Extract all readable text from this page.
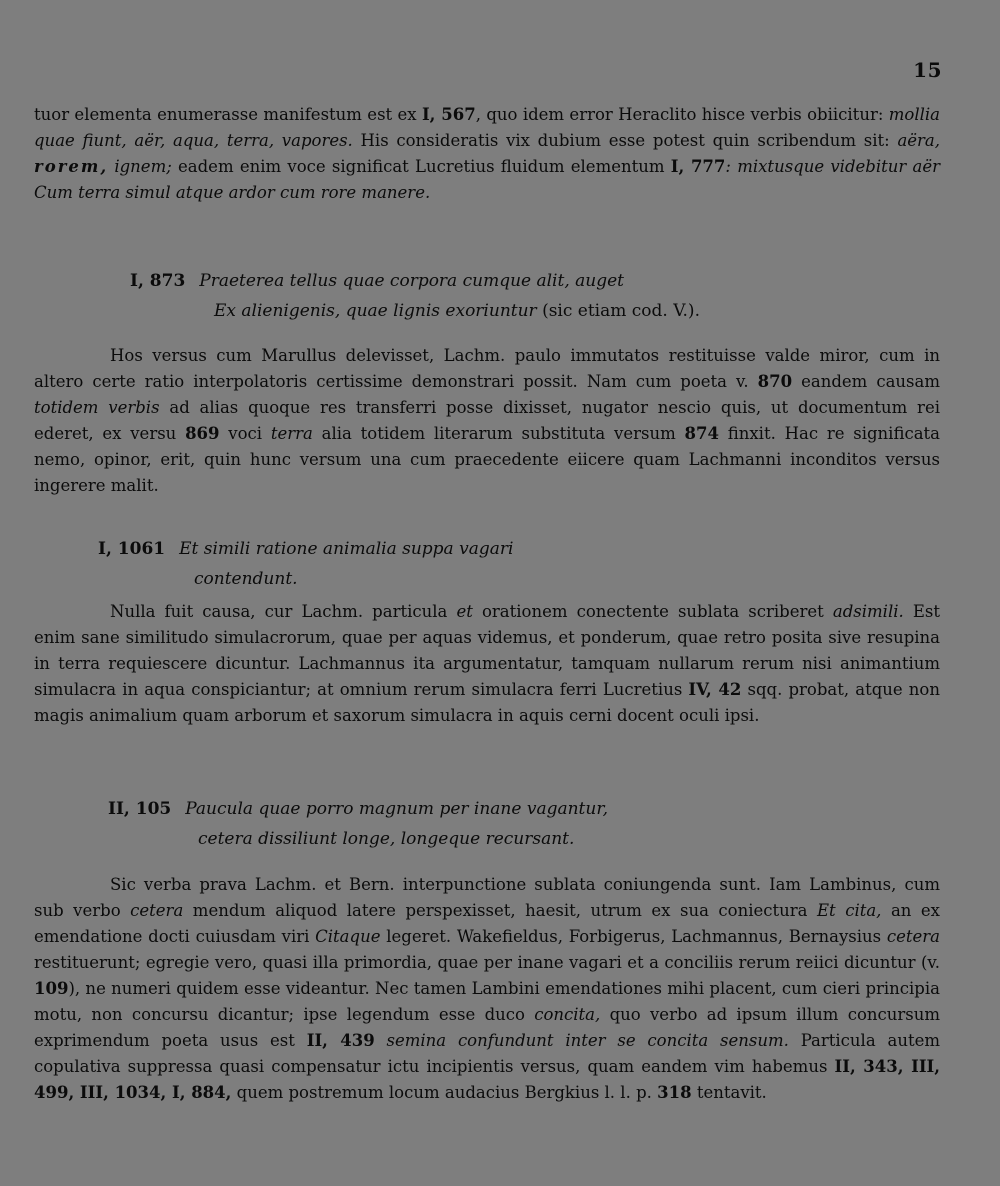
15
tuor elementa enumerasse manifestum est ex I, 567, quo idem error Heraclito hisce verbis obiicitur: mollia quae fiunt, aër, aqua, terra, vapores. His consideratis vix dubium esse potest quin scribendum sit: aëra, rorem, ignem; eadem enim voce significat Lucretius fluidum elementum I, 777: mixtusque videbitur aër Cum terra simul atque ardor cum rore manere.
I, 873 Praeterea tellus quae corpora cumque alit, auget
Ex alienigenis, quae lignis exoriuntur (sic etiam cod. V.).
Hos versus cum Marullus delevisset, Lachm. paulo immutatos restituisse valde miror, cum in altero certe ratio interpolatoris certissime demonstrari possit. Nam cum poeta v. 870 eandem causam totidem verbis ad alias quoque res transferri posse dixisset, nugator nescio quis, ut documentum rei ederet, ex versu 869 voci terra alia totidem literarum substituta versum 874 finxit. Hac re significata nemo, opinor, erit, quin hunc versum una cum praecedente eiicere quam Lachmanni inconditos versus ingerere malit.
I, 1061 Et simili ratione animalia suppa vagari
contendunt.
Nulla fuit causa, cur Lachm. particula et orationem conectente sublata scriberet adsimili. Est enim sane similitudo simulacrorum, quae per aquas videmus, et ponderum, quae retro posita sive resupina in terra requiescere dicuntur. Lachmannus ita argumentatur, tamquam nullarum rerum nisi animantium simulacra in aqua conspiciantur; at omnium rerum simulacra ferri Lucretius IV, 42 sqq. probat, atque non magis animalium quam arborum et saxorum simulacra in aquis cerni docent oculi ipsi.
II, 105 Paucula quae porro magnum per inane vagantur,
cetera dissiliunt longe, longeque recursant.
Sic verba prava Lachm. et Bern. interpunctione sublata coniungenda sunt. Iam Lambinus, cum sub verbo cetera mendum aliquod latere perspexisset, haesit, utrum ex sua coniectura Et cita, an ex emendatione docti cuiusdam viri Citaque legeret. Wakefieldus, Forbigerus, Lachmannus, Bernaysius cetera restituerunt; egregie vero, quasi illa primordia, quae per inane vagari et a conciliis rerum reiici dicuntur (v. 109), ne numeri quidem esse videantur. Nec tamen Lambini emendationes mihi placent, cum cieri principia motu, non concursu dicantur; ipse legendum esse duco concita, quo verbo ad ipsum illum concursum exprimendum poeta usus est II, 439 semina confundunt inter se concita sensum. Particula autem copulativa suppressa quasi compensatur ictu incipientis versus, quam eandem vim habemus II, 343, III, 499, III, 1034, I, 884, quem postremum locum audacius Bergkius l. l. p. 318 tentavit.
